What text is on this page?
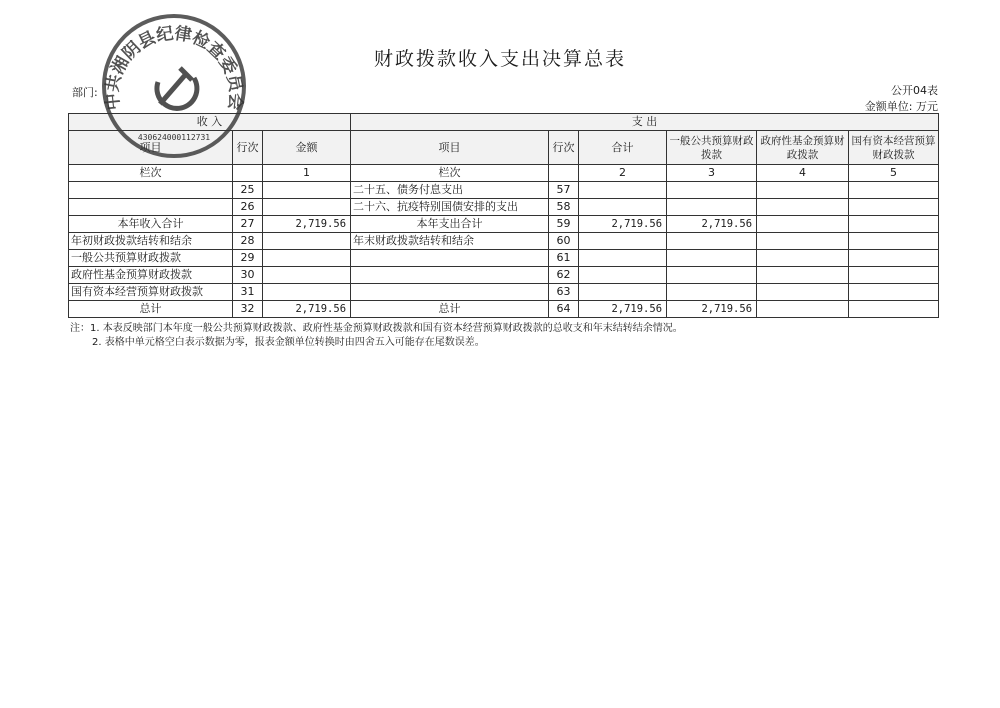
财政拨款收入支出决算总表
部门:	公开04表
金额单位: 万元
收 入			支 出					
项目	行次	金额	项目	行次	合计	一般公共预算财政拨款	政府性基金预算财政拨款	国有资本经营预算财政拨款
栏次		1	栏次		2	3	4	5
	25		二十五、债务付息支出	57				
	26		二十六、抗疫特别国债安排的支出	58				
本年收入合计	27	2,719.56	本年支出合计	59	2,719.56	2,719.56		
年初财政拨款结转和结余	28		年末财政拨款结转和结余	60				
一般公共预算财政拨款	29			61				
政府性基金预算财政拨款	30			62				
国有资本经营预算财政拨款	31			63				
总计	32	2,719.56	总计	64	2,719.56	2,719.56		
注：1. 本表反映部门本年度一般公共预算财政拨款、政府性基金预算财政拨款和国有资本经营预算财政拨款的总收支和年末结转结余情况。
2. 表格中单元格空白表示数据为零，报表金额单位转换时由四舍五入可能存在尾数误差。
中共湘阴县纪律检查委员会
430624000112731
